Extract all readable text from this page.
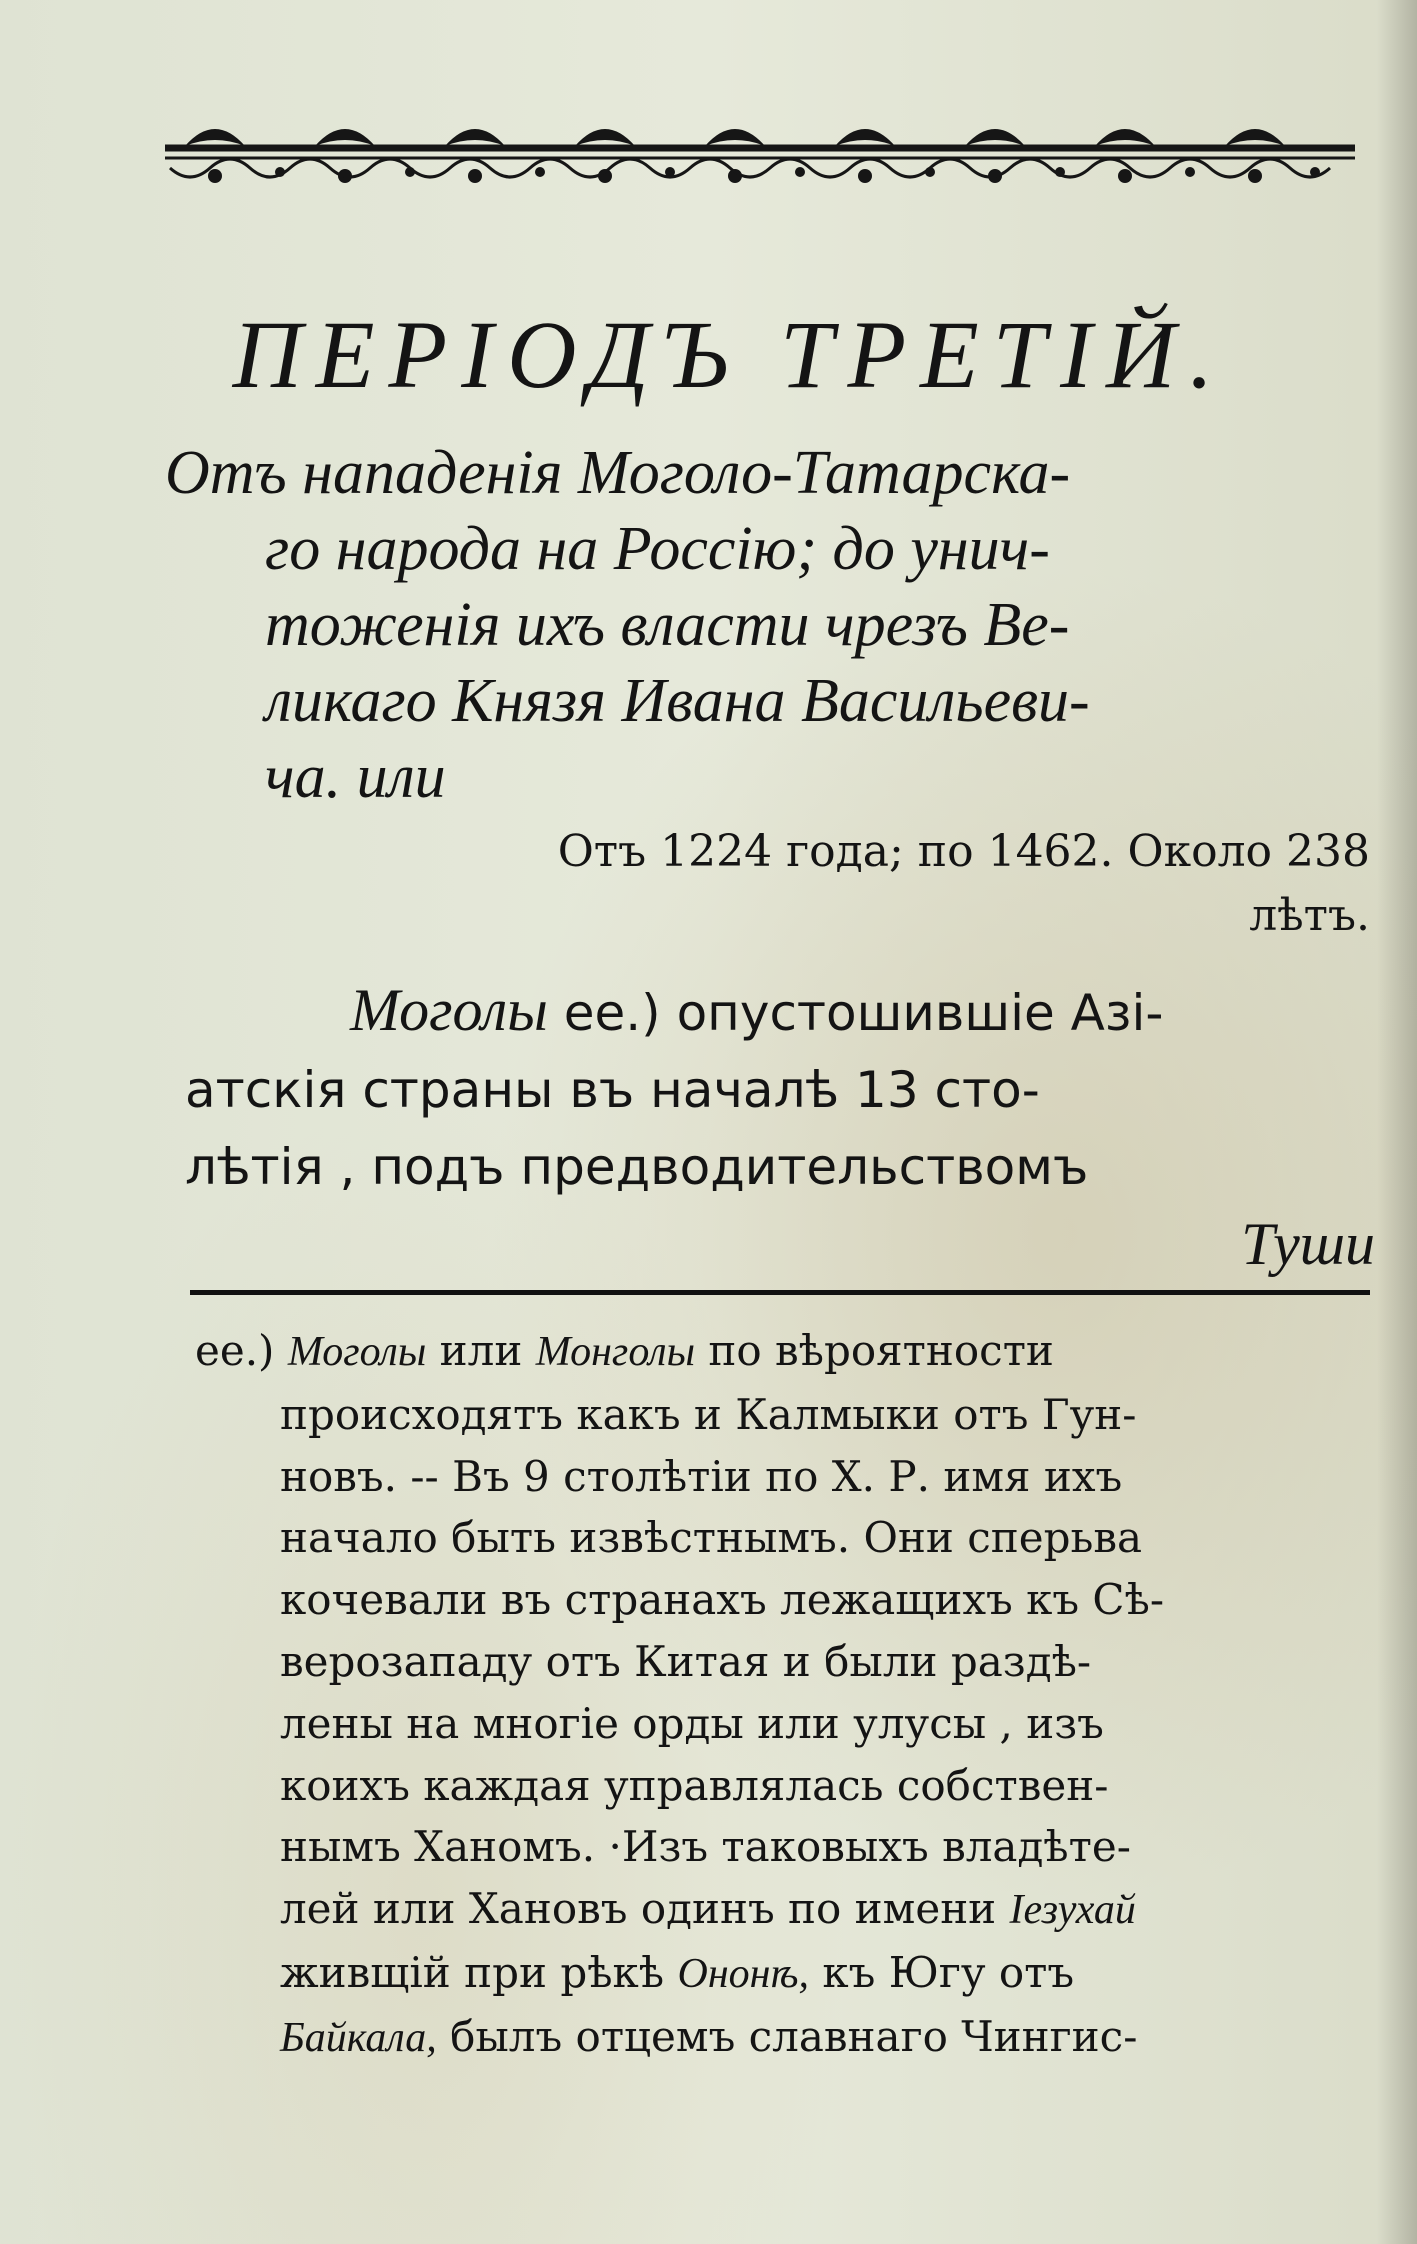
ПЕРІОДЪ ТРЕТІЙ.
Отъ нападенія Моголо-Татарска-
го народа на Россію; до унич-
тоженія ихъ власти чрезъ Ве-
ликаго Князя Ивана Васильеви-
ча. или
Отъ 1224 года; по 1462. Около 238
лѣтъ.
Моголы ee.) опустошившіе Азі-
атскія страны въ началѣ 13 сто-
лѣтія , подъ предводительствомъ
Туши
ee.) Моголы или Монголы по вѣроятности
происходятъ какъ и Калмыки отъ Гун-
новъ. -- Въ 9 столѣтіи по Х. Р. имя ихъ
начало быть извѣстнымъ. Они сперьва
кочевали въ странахъ лежащихъ къ Сѣ-
верозападу отъ Китая и были раздѣ-
лены на многіе орды или улусы , изъ
коихъ каждая управлялась собствен-
нымъ Ханомъ. ·Изъ таковыхъ владѣте-
лей или Хановъ одинъ по имени Іезухай
живщій при рѣкѣ Ононѣ, къ Югу отъ
Байкала, былъ отцемъ славнаго Чингис-
